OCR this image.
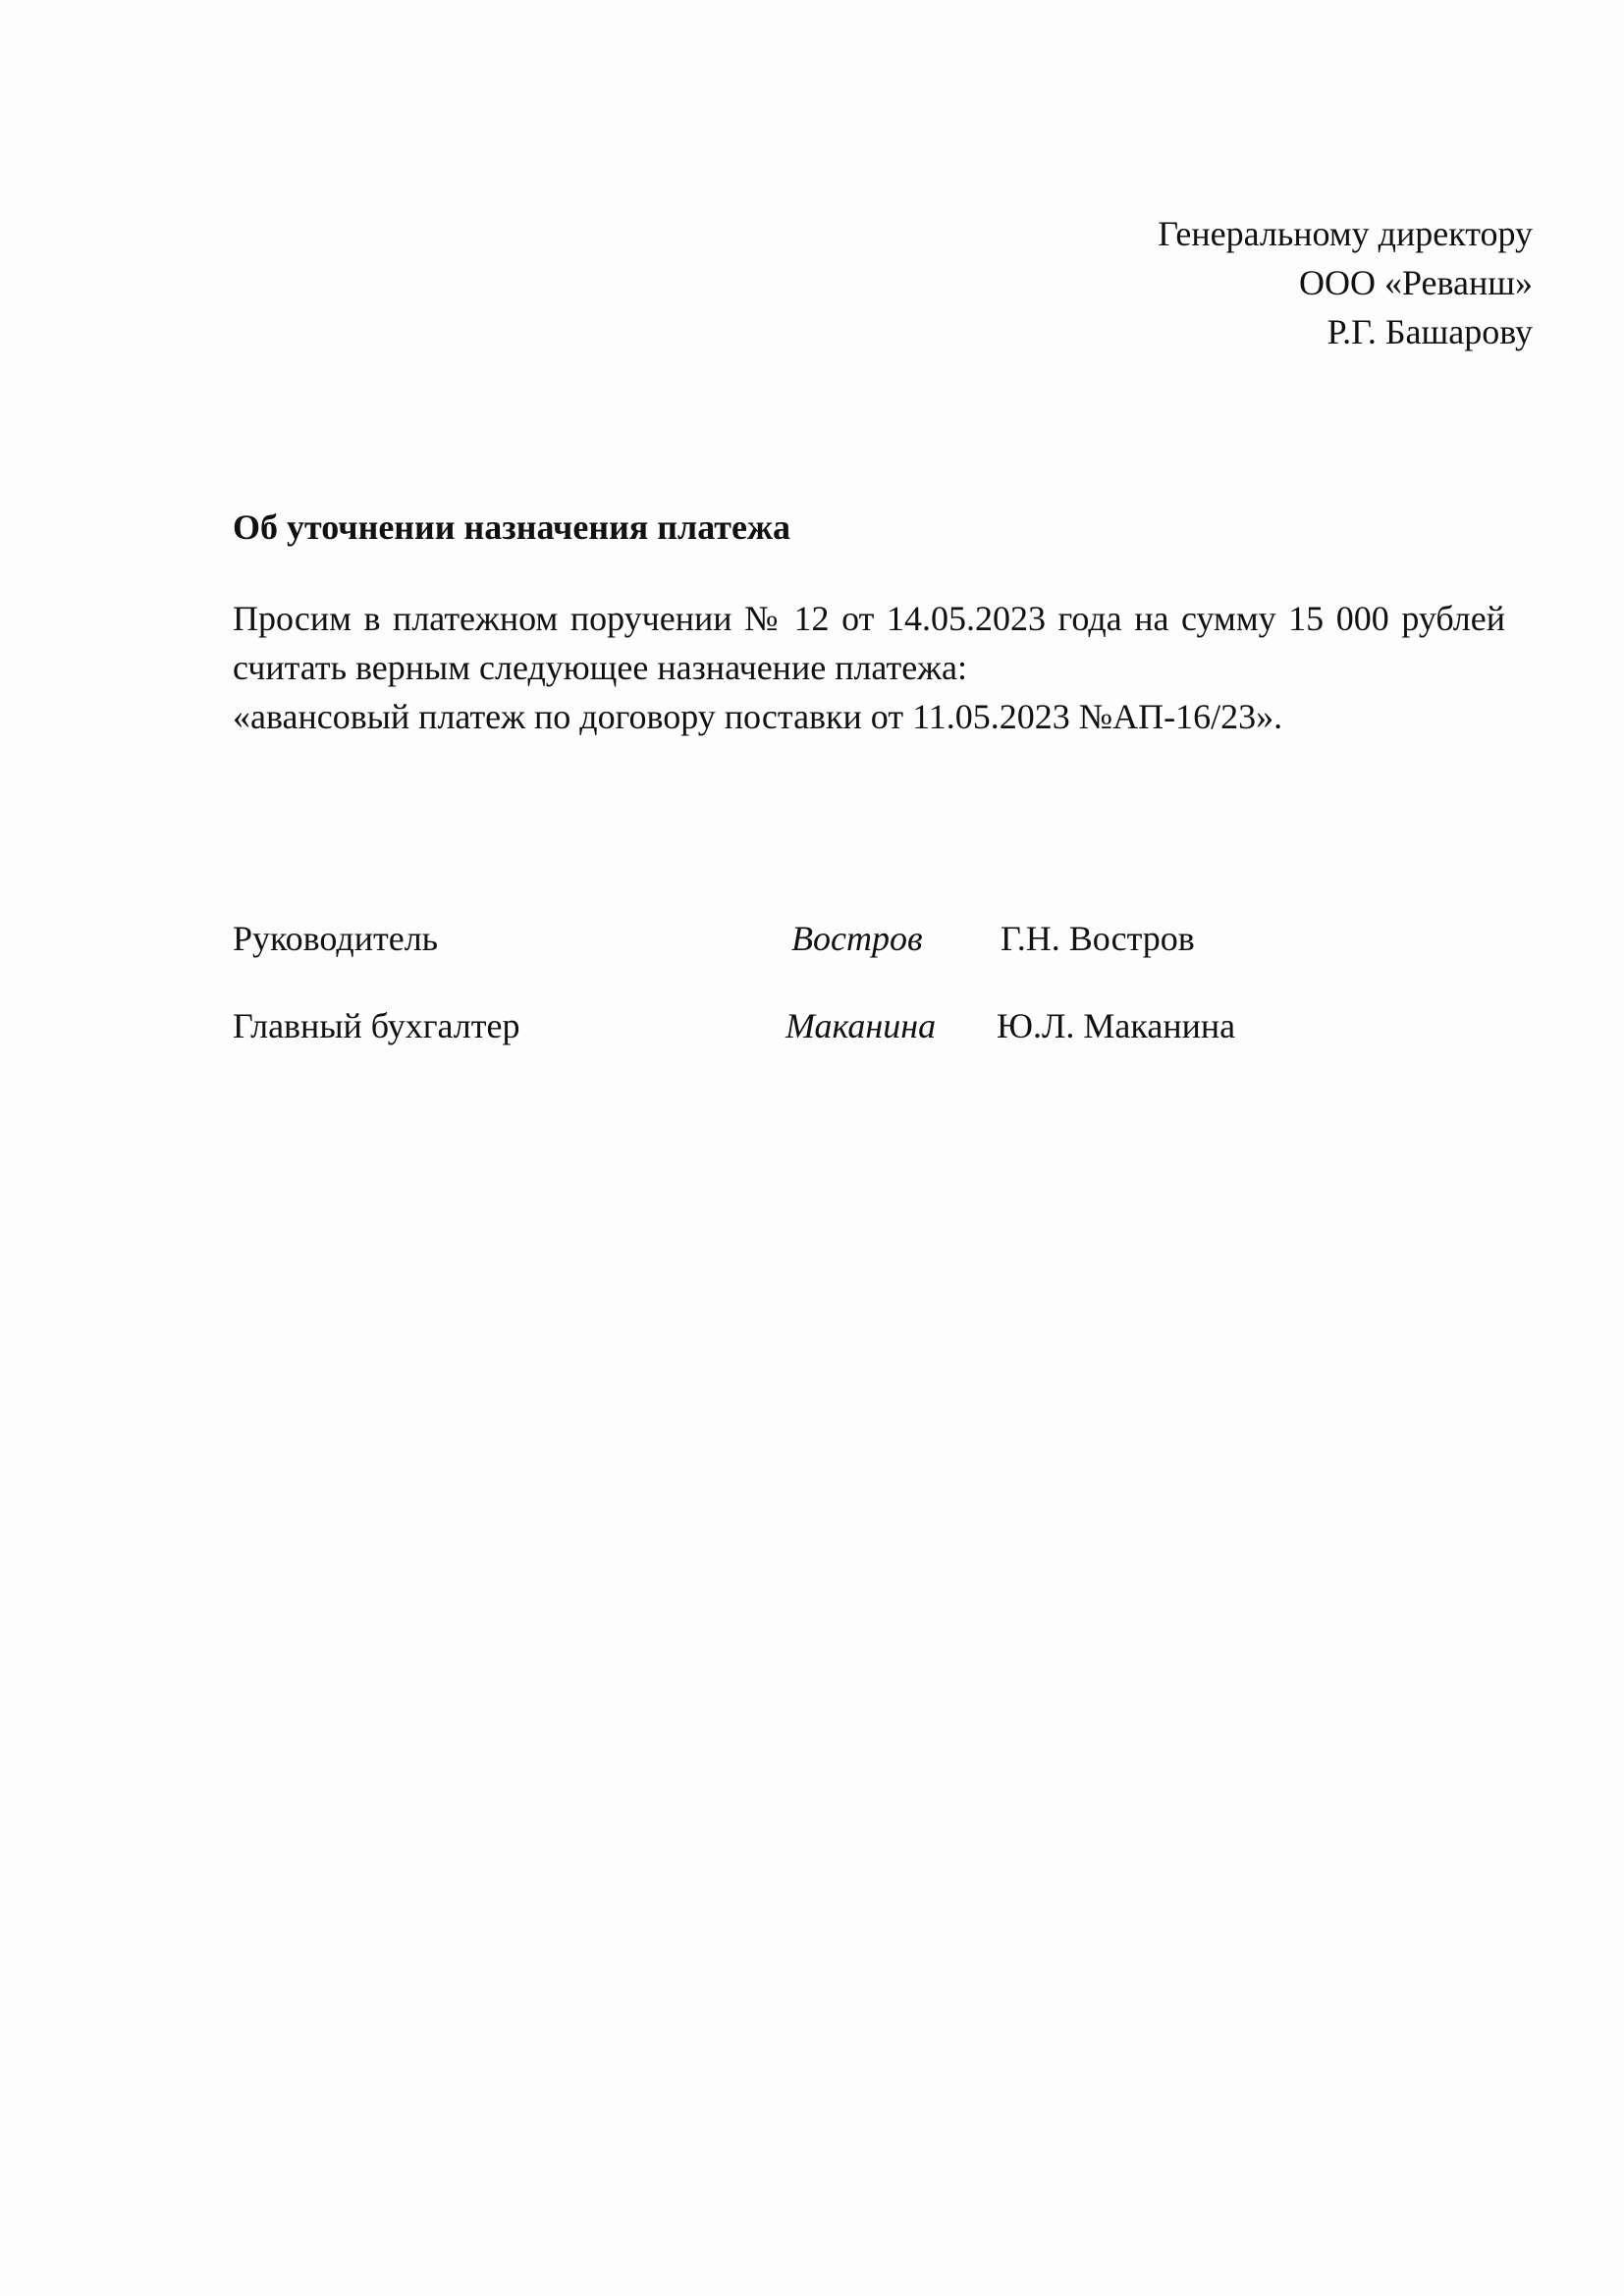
Генеральному директору
ООО «Реванш»
Р.Г. Башарову
Об уточнении назначения платежа
Просим в платежном поручении № 12 от 14.05.2023 года на сумму 15 000 рублей считать верным следующее назначение платежа:
«авансовый платеж по договору поставки от 11.05.2023 №АП-16/23».
Руководитель	Востров Г.Н. Востров
Главный бухгалтер	Маканина Ю.Л. Маканина
